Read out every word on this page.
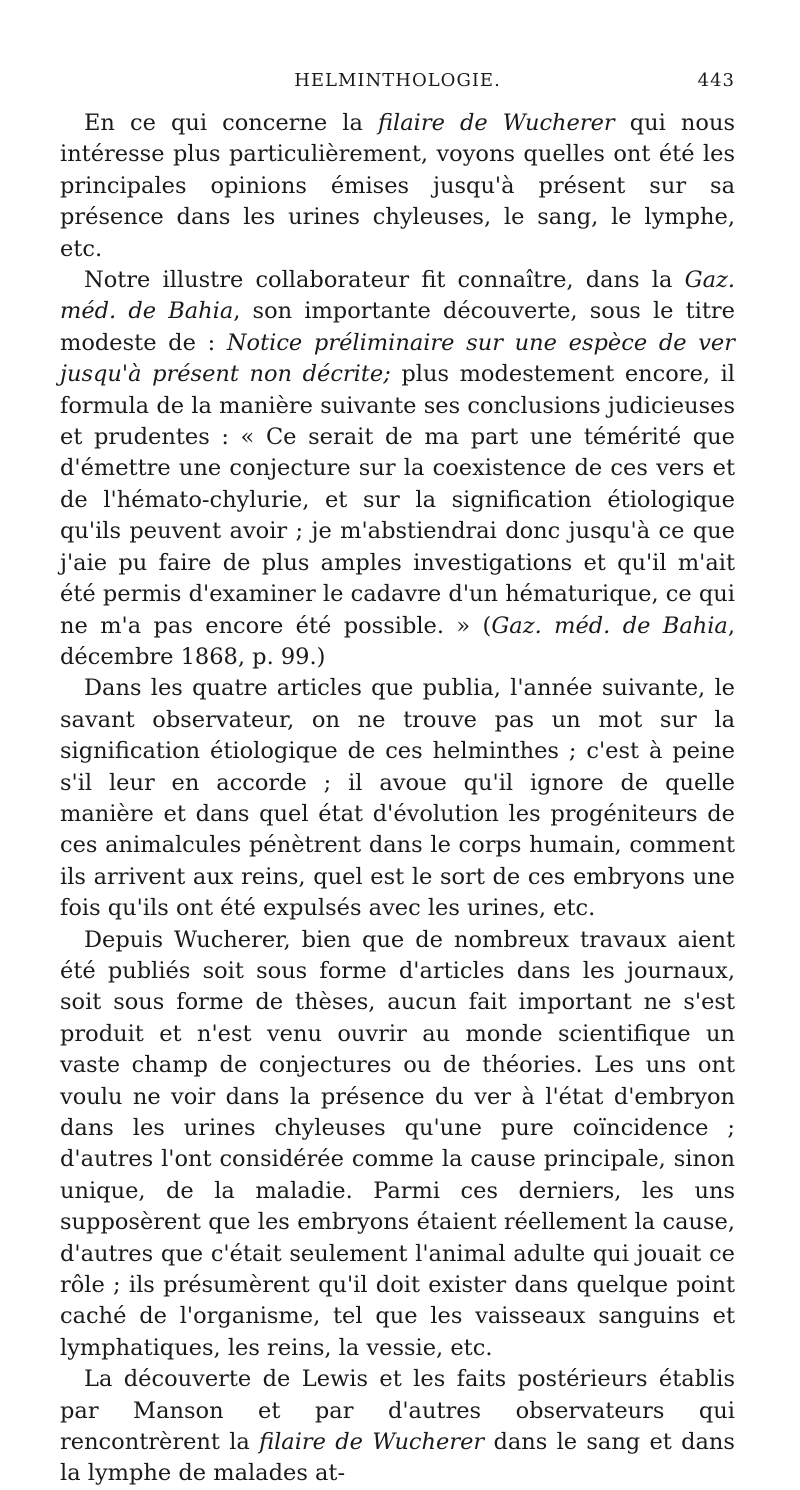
HELMINTHOLOGIE.	443

En ce qui concerne la filaire de Wucherer qui nous intéresse plus particulièrement, voyons quelles ont été les principales opinions émises jusqu'à présent sur sa présence dans les urines chyleuses, le sang, le lymphe, etc.

Notre illustre collaborateur fit connaître, dans la Gaz. méd. de Bahia, son importante découverte, sous le titre modeste de : Notice préliminaire sur une espèce de ver jusqu'à présent non décrite; plus modestement encore, il formula de la manière suivante ses conclusions judicieuses et prudentes : « Ce serait de ma part une témérité que d'émettre une conjecture sur la coexistence de ces vers et de l'hémato-chylurie, et sur la signification étiologique qu'ils peuvent avoir ; je m'abstiendrai donc jusqu'à ce que j'aie pu faire de plus amples investigations et qu'il m'ait été permis d'examiner le cadavre d'un hématurique, ce qui ne m'a pas encore été possible. » (Gaz. méd. de Bahia, décembre 1868, p. 99.)

Dans les quatre articles que publia, l'année suivante, le savant observateur, on ne trouve pas un mot sur la signification étiologique de ces helminthes ; c'est à peine s'il leur en accorde ; il avoue qu'il ignore de quelle manière et dans quel état d'évolution les progéniteurs de ces animalcules pénètrent dans le corps humain, comment ils arrivent aux reins, quel est le sort de ces embryons une fois qu'ils ont été expulsés avec les urines, etc.

Depuis Wucherer, bien que de nombreux travaux aient été publiés soit sous forme d'articles dans les journaux, soit sous forme de thèses, aucun fait important ne s'est produit et n'est venu ouvrir au monde scientifique un vaste champ de conjectures ou de théories. Les uns ont voulu ne voir dans la présence du ver à l'état d'embryon dans les urines chyleuses qu'une pure coïncidence ; d'autres l'ont considérée comme la cause principale, sinon unique, de la maladie. Parmi ces derniers, les uns supposèrent que les embryons étaient réellement la cause, d'autres que c'était seulement l'animal adulte qui jouait ce rôle ; ils présumèrent qu'il doit exister dans quelque point caché de l'organisme, tel que les vaisseaux sanguins et lymphatiques, les reins, la vessie, etc.

La découverte de Lewis et les faits postérieurs établis par Manson et par d'autres observateurs qui rencontrèrent la filaire de Wucherer dans le sang et dans la lymphe de malades at-
